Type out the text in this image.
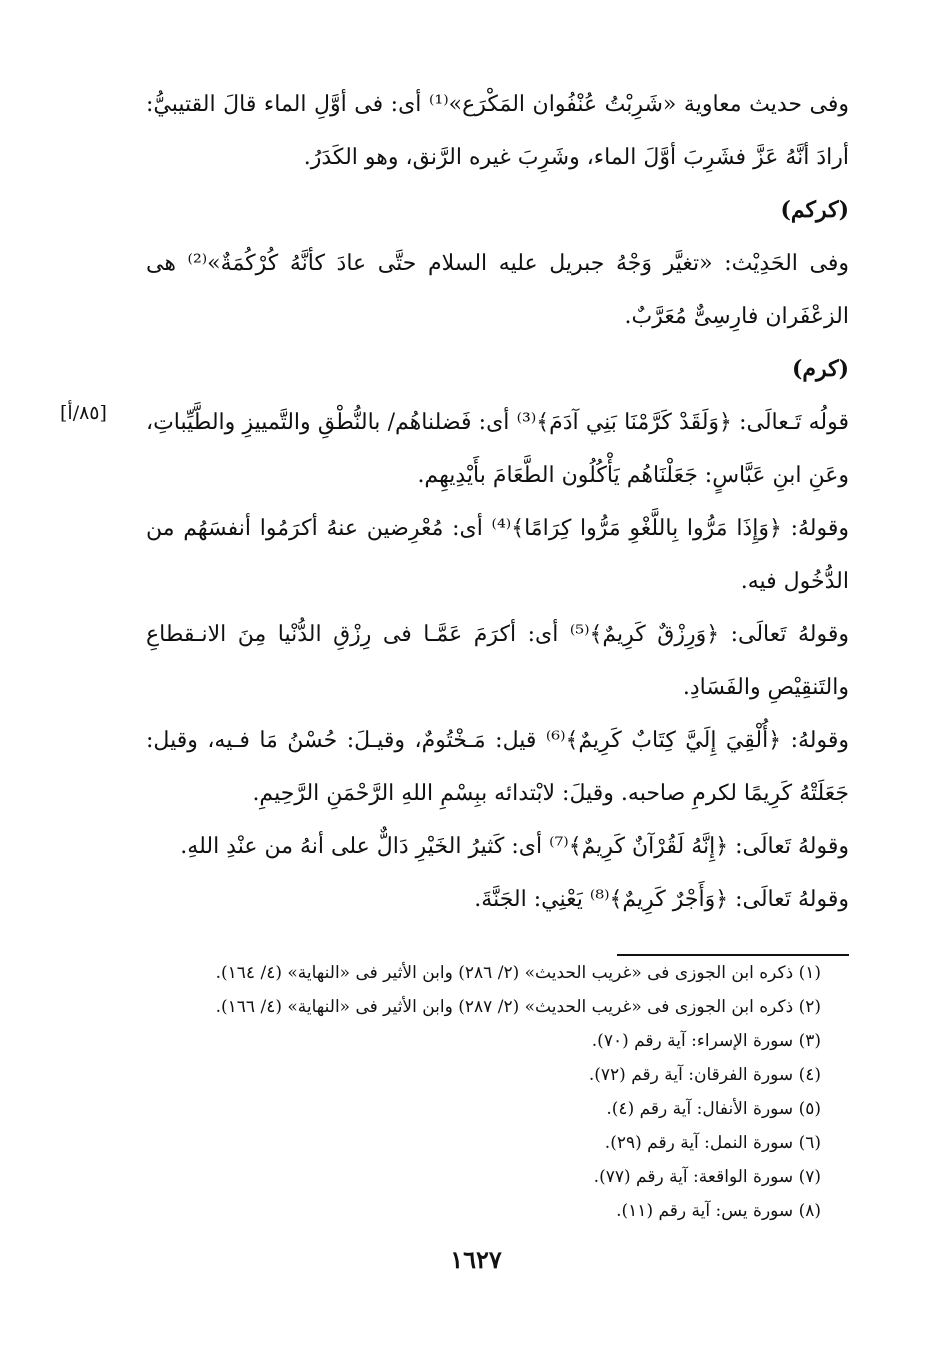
[٨٥/أ]

وفى حديث معاوية «شَرِبْتُ عُنْفُوان المَكْرَع»⁽¹⁾ أى: فى أوَّلِ الماء قالَ القتيبيُّ: أرادَ أنَّهُ عَزَّ فشَرِبَ أوَّلَ الماء، وشَرِبَ غيره الرَّنق، وهو الكَدَرُ.

(كركم)

وفى الحَدِيْث: «تغيَّر وَجْهُ جبريل عليه السلام حتَّى عادَ كأنَّهُ كُرْكُمَةٌ»⁽²⁾ هى الزعْفَران فارِسِىٌّ مُعَرَّبٌ.

(كرم)

قولُه تَـعالَى: ﴿وَلَقَدْ كَرَّمْنَا بَنِي آدَمَ﴾⁽³⁾ أى: فَضلناهُم/ بالنُّطْقِ والتَّمييزِ والطَّيِّباتِ، وعَنِ ابنِ عَبَّاسٍ: جَعَلْنَاهُم يَأْكُلُون الطَّعَامَ بأَيْدِيهِم.

وقولهُ: ﴿وَإِذَا مَرُّوا بِاللَّغْوِ مَرُّوا كِرَامًا﴾⁽⁴⁾ أى: مُعْرِضين عنهُ أكرَمُوا أنفسَهُم من الدُّخُول فيه.

وقولهُ تَعالَى: ﴿وَرِزْقٌ كَرِيمٌ﴾⁽⁵⁾ أى: أكرَمَ عَمَّـا فى رِزْقِ الدُّنْيا مِنَ الانـقطاعِ والتَنقِيْصِ والفَسَادِ.

وقولهُ: ﴿أُلْقِيَ إِلَيَّ كِتَابٌ كَرِيمٌ﴾⁽⁶⁾ قيل: مَـخْتُومٌ، وقيـلَ: حُسْنُ مَا فـيه، وقيل: جَعَلَتْهُ كَرِيمًا لكرمِ صاحبه. وقيلَ: لابْتدائه ببِسْمِ اللهِ الرَّحْمَنِ الرَّحِيمِ.

وقولهُ تَعالَى: ﴿إِنَّهُ لَقُرْآنٌ كَرِيمٌ﴾⁽⁷⁾ أى: كَثيرُ الخَيْرِ دَالٌّ على أنهُ من عنْدِ اللهِ.

وقولهُ تَعالَى: ﴿وَأَجْرٌ كَرِيمٌ﴾⁽⁸⁾ يَعْنِي: الجَنَّةَ.

(١) ذكره ابن الجوزى فى «غريب الحديث» (٢/ ٢٨٦) وابن الأثير فى «النهاية» (٤/ ١٦٤).
(٢) ذكره ابن الجوزى فى «غريب الحديث» (٢/ ٢٨٧) وابن الأثير فى «النهاية» (٤/ ١٦٦).
(٣) سورة الإسراء: آية رقم (٧٠).
(٤) سورة الفرقان: آية رقم (٧٢).
(٥) سورة الأنفال: آية رقم (٤).
(٦) سورة النمل: آية رقم (٢٩).
(٧) سورة الواقعة: آية رقم (٧٧).
(٨) سورة يس: آية رقم (١١).
١٦٢٧
